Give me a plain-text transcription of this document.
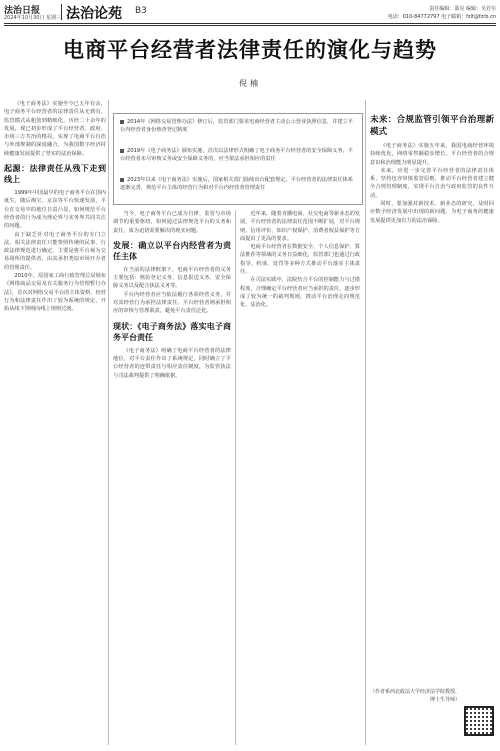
法治日报
2024年10月30日 星期三 法治论苑 B3	责任编辑：邵克 编辑：吴若尔
电话：010-84772797 电子邮箱：fzlt@fzrb.cn
电商平台经营者法律责任的演化与趋势
倪楠

《电子商务法》实施至今已五年有余，电子商务平台经营者的法律责任从无到有、监管模式从粗放到精细化，历经二十余年的发展，现已初步形成了平台经营者、政府、市场三方共治的格局，实现了电商平台自治与外部规制的深度融合，为我国数字经济持续健康发展提供了坚实的法治保障。

起源：法律责任从残下走到线上

1999年中国最早的电子商务平台在国内诞生，随后淘宝、京东等平台快速发展，平台在交易中的地位日益凸显，如何规范平台经营者的行为成为理论界与实务界共同关注的问题。

由于缺乏针对电子商务平台的专门立法，相关法律责任只能参照传统的民事、行政法律规范进行确定，主要是将平台视为交易场所的提供者，由其承担类似市场开办者的管理责任。

2010年，原国家工商行政管理总局颁布《网络商品交易及有关服务行为管理暂行办法》，首次对网络交易平台的主体资格、经营行为和法律责任作出了较为系统的规定，开始从线下规则向线上规则过渡。

2014年《网络交易管理办法》修订后，监管部门要求电商经营者主动公示营业执照信息，并建立平台内经营者身份核查登记制度
2019年《电子商务法》颁布实施，首次以法律形式明确了电子商务平台经营者的安全保障义务，平台经营者未尽审核义务或安全保障义务的，应当依法承担相应的责任
2023年以来《电子商务法》实施后，国家相关部门陆续出台配套规定，平台经营者的法律责任体系逐渐完善，规范平台主体的经营行为和对平台内经营者管理责任

当今，电子商务平台已成为自律、监管与市场调节的重要枢纽，如何通过法律规范平台的义务和责任，成为迫切需要解决的现实问题。

发展：确立以平台内经营者为责任主体

在当前的法律框架下，电商平台经营者的义务主要包括：核验登记义务、信息报送义务、安全保障义务以及配合执法义务等。

平台内经营者应当依法履行各项经营义务，并对其经营行为承担法律责任。平台经营者则承担相应的审核与管理职责，避免平台责任泛化。

现状：《电子商务法》落实电子商务平台责任

《电子商务法》明确了电商平台经营者的法律地位，对平台责任作出了系统规定，同时确立了平台经营者的连带责任与相应责任制度，为监管执法与司法裁判提供了明确依据。

近年来，随着直播电商、社交电商等新业态的发展，平台经营者的法律责任范围不断扩展，对平台规则、信用评价、知识产权保护、消费者权益保护等方面提出了更高的要求。

电商平台经营者在数据安全、个人信息保护、算法推荐等领域的义务日益细化，监管部门也通过行政指导、约谈、处罚等多种方式推动平台落实主体责任。

在司法实践中，法院结合平台的控制能力与过错程度，合理确定平台经营者应当承担的责任，逐步形成了较为统一的裁判规则，推动平台治理走向规范化、法治化。

未来：合规监管引领平台治理新模式

《电子商务法》实施五年来，我国电商经营环境持续优化，网络零售额稳步增长，平台经营者的合规意识和治理能力明显提升。

未来，应进一步完善平台经营者的法律责任体系，坚持包容审慎监管原则，推动平台经营者建立健全合规管理制度，实现平台自治与政府监管的良性互动。

同时，要加强对新技术、新业态的研究，及时回应数字经济发展中出现的新问题，为电子商务的健康发展提供更加有力的法治保障。

（作者系西北政法大学经济法学院教授、博士生导师）
